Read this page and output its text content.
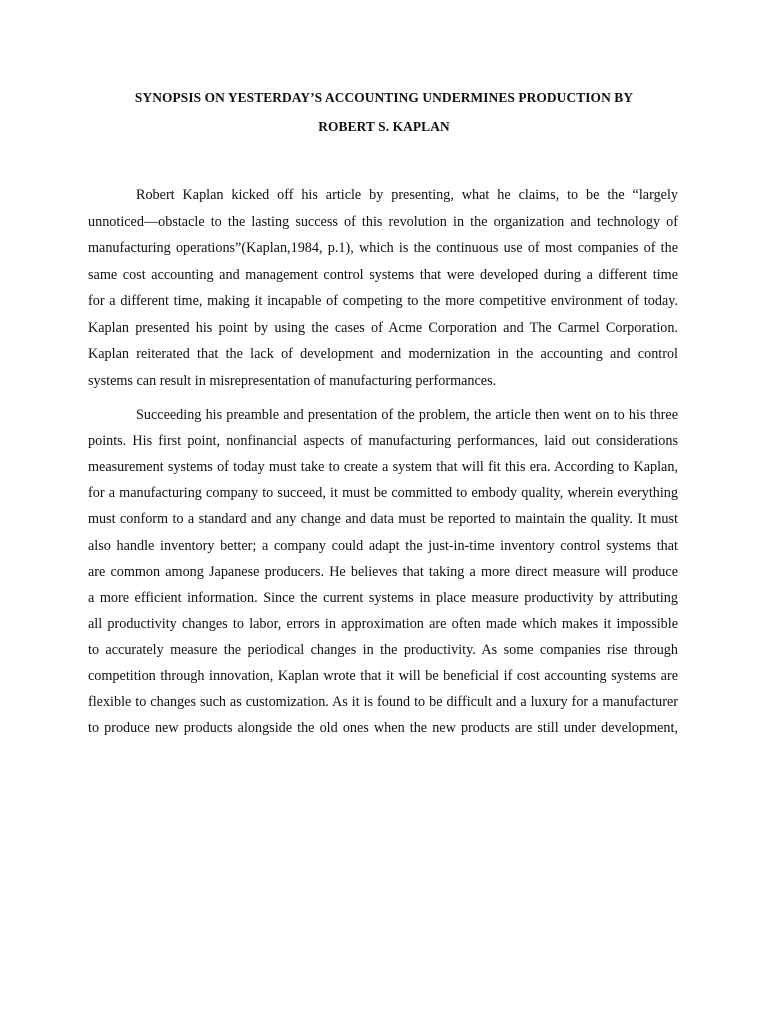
SYNOPSIS ON YESTERDAY’S ACCOUNTING UNDERMINES PRODUCTION BY
ROBERT S. KAPLAN
Robert Kaplan kicked off his article by presenting, what he claims, to be the “largely
unnoticed—obstacle to the lasting success of this revolution in the organization and technology of
manufacturing operations”(Kaplan,1984, p.1), which is the continuous use of most companies of the
same cost accounting and management control systems that were developed during a different time
for a different time, making it incapable of competing to the more competitive environment of today.
Kaplan presented his point by using the cases of Acme Corporation and The Carmel Corporation.
Kaplan reiterated that the lack of development and modernization in the accounting and control
systems can result in misrepresentation of manufacturing performances.
Succeeding his preamble and presentation of the problem, the article then went on to his three
points. His first point, nonfinancial aspects of manufacturing performances, laid out considerations
measurement systems of today must take to create a system that will fit this era. According to Kaplan,
for a manufacturing company to succeed, it must be committed to embody quality, wherein everything
must conform to a standard and any change and data must be reported to maintain the quality. It must
also handle inventory better; a company could adapt the just-in-time inventory control systems that
are common among Japanese producers. He believes that taking a more direct measure will produce
a more efficient information. Since the current systems in place measure productivity by attributing
all productivity changes to labor, errors in approximation are often made which makes it impossible
to accurately measure the periodical changes in the productivity. As some companies rise through
competition through innovation, Kaplan wrote that it will be beneficial if cost accounting systems are
flexible to changes such as customization. As it is found to be difficult and a luxury for a manufacturer
to produce new products alongside the old ones when the new products are still under development,
